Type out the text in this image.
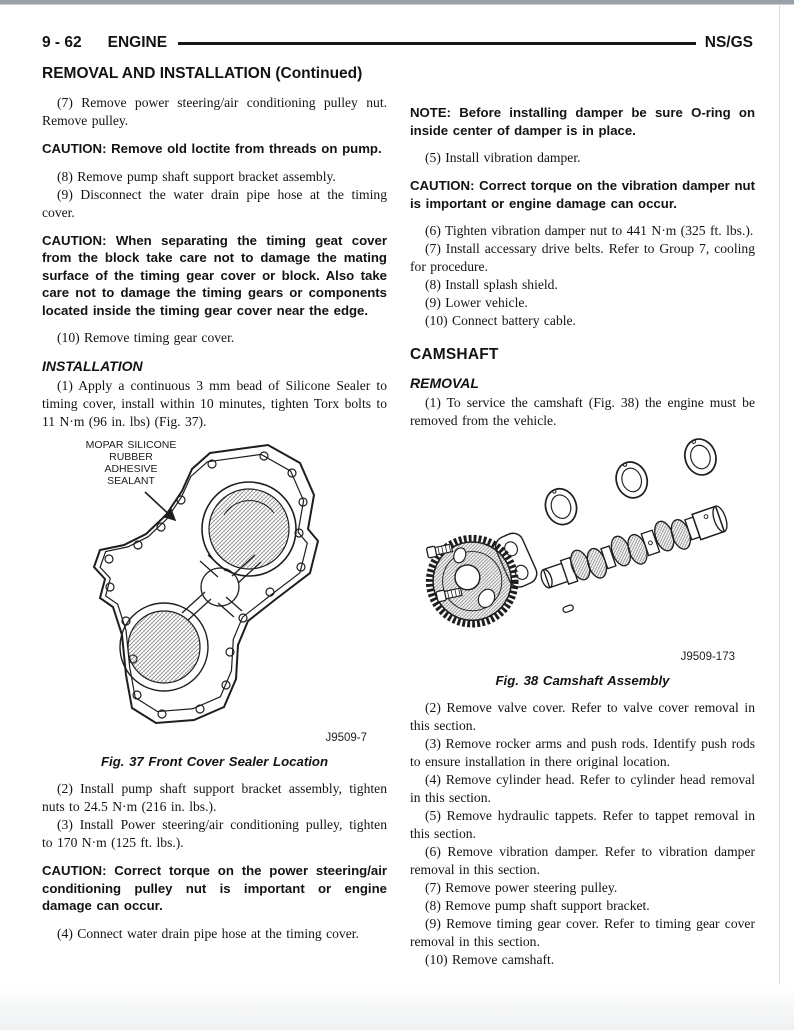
9 - 62 ENGINE	NS/GS
REMOVAL AND INSTALLATION (Continued)

(7) Remove power steering/air conditioning pulley nut. Remove pulley.

CAUTION: Remove old loctite from threads on pump.

(8) Remove pump shaft support bracket assembly.

(9) Disconnect the water drain pipe hose at the timing cover.

CAUTION: When separating the timing geat cover from the block take care not to damage the mating surface of the timing gear cover or block. Also take care not to damage the timing gears or components located inside the timing gear cover near the edge.

(10) Remove timing gear cover.

INSTALLATION

(1) Apply a continuous 3 mm bead of Silicone Sealer to timing cover, install within 10 minutes, tighten Torx bolts to 11 N·m (96 in. lbs) (Fig. 37).

MOPAR SILICONE
RUBBER
ADHESIVE
SEALANT
J9509-7
Fig. 37 Front Cover Sealer Location

(2) Install pump shaft support bracket assembly, tighten nuts to 24.5 N·m (216 in. lbs.).

(3) Install Power steering/air conditioning pulley, tighten to 170 N·m (125 ft. lbs.).

CAUTION: Correct torque on the power steering/air conditioning pulley nut is important or engine damage can occur.

(4) Connect water drain pipe hose at the timing cover.

NOTE: Before installing damper be sure O-ring on inside center of damper is in place.

(5) Install vibration damper.

CAUTION: Correct torque on the vibration damper nut is important or engine damage can occur.

(6) Tighten vibration damper nut to 441 N·m (325 ft. lbs.).

(7) Install accessary drive belts. Refer to Group 7, cooling for procedure.

(8) Install splash shield.

(9) Lower vehicle.

(10) Connect battery cable.

CAMSHAFT
REMOVAL

(1) To service the camshaft (Fig. 38) the engine must be removed from the vehicle.

J9509-173
Fig. 38 Camshaft Assembly

(2) Remove valve cover. Refer to valve cover removal in this section.

(3) Remove rocker arms and push rods. Identify push rods to ensure installation in there original location.

(4) Remove cylinder head. Refer to cylinder head removal in this section.

(5) Remove hydraulic tappets. Refer to tappet removal in this section.

(6) Remove vibration damper. Refer to vibration damper removal in this section.

(7) Remove power steering pulley.

(8) Remove pump shaft support bracket.

(9) Remove timing gear cover. Refer to timing gear cover removal in this section.

(10) Remove camshaft.
